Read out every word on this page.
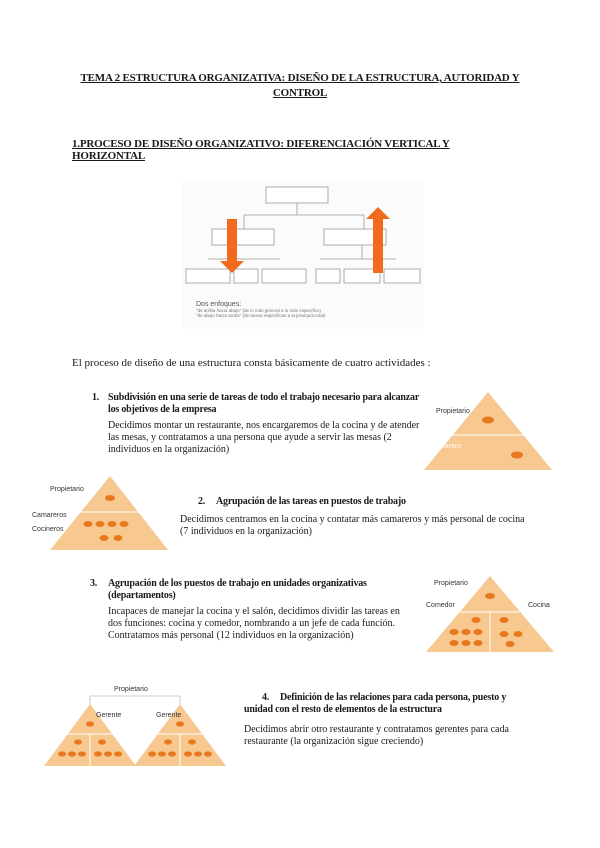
TEMA 2 ESTRUCTURA ORGANIZATIVA: DISEÑO DE LA ESTRUCTURA, AUTORIDAD Y CONTROL
1.PROCESO DE DISEÑO ORGANIZATIVO: DIFERENCIACIÓN VERTICAL Y HORIZONTAL
Dos enfoques:
"de arriba hacia abajo" (de lo más general a lo más específico)
"de abajo hacia arriba" (de tareas específicas a la jerarquía total)
El proceso de diseño de una estructura consta básicamente de cuatro actividades :
1. Subdivisión en una serie de tareas de todo el trabajo necesario para alcanzar los objetivos de la empresa
Decidimos montar un restaurante, nos encargaremos de la cocina y de atender las mesas, y contratamos a una persona que ayude a servir las mesas (2 individuos en la organización)
Propietario
Camarero
Propietario
Camareros
Cocineros
2. Agrupación de las tareas en puestos de trabajo
Decidimos centramos en la cocina y contatar más camareros y más personal de cocina (7 individuos en la organización)
3. Agrupación de los puestos de trabajo en unidades organizativas (departamentos)
Incapaces de manejar la cocina y el salón, decidimos dividir las tareas en dos funciones: cocina y comedor, nombrando a un jefe de cada función. Contratamos más personal (12 individuos en la organización)
Propietario
Comedor	Cocina
Propietario
Gerente	Gerente
4.	Definición de las relaciones para cada persona, puesto y unidad con el resto de elementos de la estructura
Decidimos abrir otro restaurante y contratamos gerentes para cada restaurante (la organización sigue creciendo)
